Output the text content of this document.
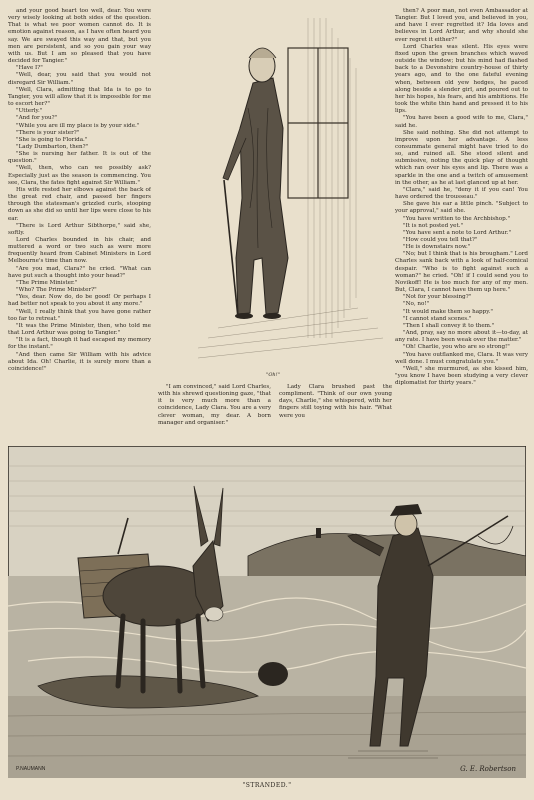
and your good heart too well, dear. You were very wisely looking at both sides of the question. That is what we poor women cannot do. It is emotion against reason, as I have often heard you say. We are swayed this way and that, but you men are persistent, and so you gain your way with us. But I am so pleased that you have decided for Tangier."

"Have I?"

"Well, dear, you said that you would not disregard Sir William."

"Well, Clara, admitting that Ida is to go to Tangier, you will allow that it is impossible for me to escort her?"

"Utterly."

"And for you?"

"While you are ill my place is by your side."

"There is your sister?"

"She is going to Florida."

"Lady Dumbarton, then?"

"She is nursing her father. It is out of the question."

"Well, then, who can we possibly ask? Especially just as the season is commencing. You see, Clara, the fates fight against Sir William."

His wife rested her elbows against the back of the great red chair, and passed her fingers through the statesman's grizzled curls, stooping down as she did so until her lips were close to his ear.

"There is Lord Arthur Sibthorpe," said she, softly.

Lord Charles bounded in his chair, and muttered a word or two such as were more frequently heard from Cabinet Ministers in Lord Melbourne's time than now.

"Are you mad, Clara?" he cried. "What can have put such a thought into your head?"

"The Prime Minister."

"Who? The Prime Minister?"

"Yes, dear. Now do, do be good! Or perhaps I had better not speak to you about it any more."

"Well, I really think that you have gone rather too far to retreat."

"It was the Prime Minister, then, who told me that Lord Arthur was going to Tangier."

"It is a fact, though it had escaped my memory for the instant."

"And then came Sir William with his advice about Ida. Oh! Charlie, it is surely more than a coincidence!"

"Oh!"

"I am convinced," said Lord Charles, with his shrewd questioning gaze, "that it is very much more than a coincidence, Lady Clara. You are a very clever woman, my dear. A born manager and organiser."

Lady Clara brushed past the compliment. "Think of our own young days, Charlie," she whispered, with her fingers still toying with his hair. "What were you

then? A poor man, not even Ambassador at Tangier. But I loved you, and believed in you, and have I ever regretted it? Ida loves and believes in Lord Arthur, and why should she ever regret it either?"

Lord Charles was silent. His eyes were fixed upon the green branches which waved outside the window; but his mind had flashed back to a Devonshire country-house of thirty years ago, and to the one fateful evening when, between old yew hedges, he paced along beside a slender girl, and poured out to her his hopes, his fears, and his ambitions. He took the white thin hand and pressed it to his lips.

"You have been a good wife to me, Clara," said he.

She said nothing. She did not attempt to improve upon her advantage. A less consummate general might have tried to do so, and ruined all. She stood silent and submissive, noting the quick play of thought which ran over his eyes and lip. There was a sparkle in the one and a twitch of amusement in the other, as he at last glanced up at her.

"Clara," said he, "deny it if you can! You have ordered the trousseau."

She gave his ear a little pinch. "Subject to your approval," said she.

"You have written to the Archbishop."

"It is not posted yet."

"You have sent a note to Lord Arthur."

"How could you tell that?"

"He is downstairs now."

"No; but I think that is his brougham." Lord Charles sank back with a look of half-comical despair. "Who is to fight against such a woman?" he cried. "Oh! if I could send you to Novikoff! He is too much for any of my men. But, Clara, I cannot have them up here."

"Not for your blessing?"

"No, no!"

"It would make them so happy."

"I cannot stand scenes."

"Then I shall convey it to them."

"And, pray, say no more about it—to-day, at any rate. I have been weak over the matter."

"Oh! Charlie, you who are so strong!"

"You have outflanked me, Clara. It was very well done. I must congratulate you."

"Well," she murmured, as she kissed him, "you know I have been studying a very clever diplomatist for thirty years."

P.NAUMANN	G. E. Robertson
"STRANDED."
